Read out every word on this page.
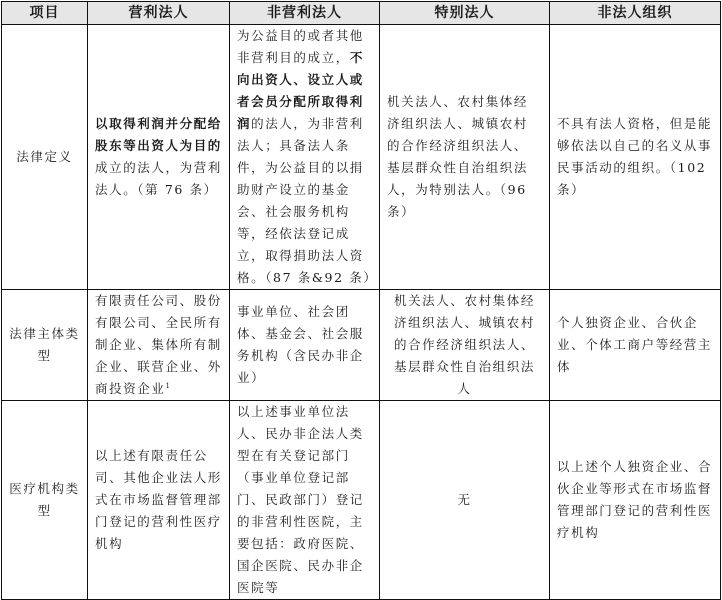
项目	营利法人	非营利法人	特别法人	非法人组织
法律定义	以取得利润并分配给股东等出资人为目的成立的法人，为营利法人。（第 76 条）	为公益目的或者其他非营利目的成立，不向出资人、设立人或者会员分配所取得利润的法人，为非营利法人；具备法人条件，为公益目的以捐助财产设立的基金会、社会服务机构等，经依法登记成立，取得捐助法人资格。（87 条&92 条）	机关法人、农村集体经济组织法人、城镇农村的合作经济组织法人、基层群众性自治组织法人，为特别法人。（96 条）	不具有法人资格，但是能够依法以自己的名义从事民事活动的组织。（102 条）
法律主体类型	有限责任公司、股份有限公司、全民所有制企业、集体所有制企业、联营企业、外商投资企业$^1$	事业单位、社会团体、基金会、社会服务机构（含民办非企业）	机关法人、农村集体经济组织法人、城镇农村的合作经济组织法人、基层群众性自治组织法人	个人独资企业、合伙企业、个体工商户等经营主体
医疗机构类型	以上述有限责任公司、其他企业法人形式在市场监督管理部门登记的营利性医疗机构	以上述事业单位法人、民办非企法人类型在有关登记部门（事业单位登记部门、民政部门）登记的非营利性医院，主要包括：政府医院、国企医院、民办非企医院等	无	以上述个人独资企业、合伙企业等形式在市场监督管理部门登记的营利性医疗机构
